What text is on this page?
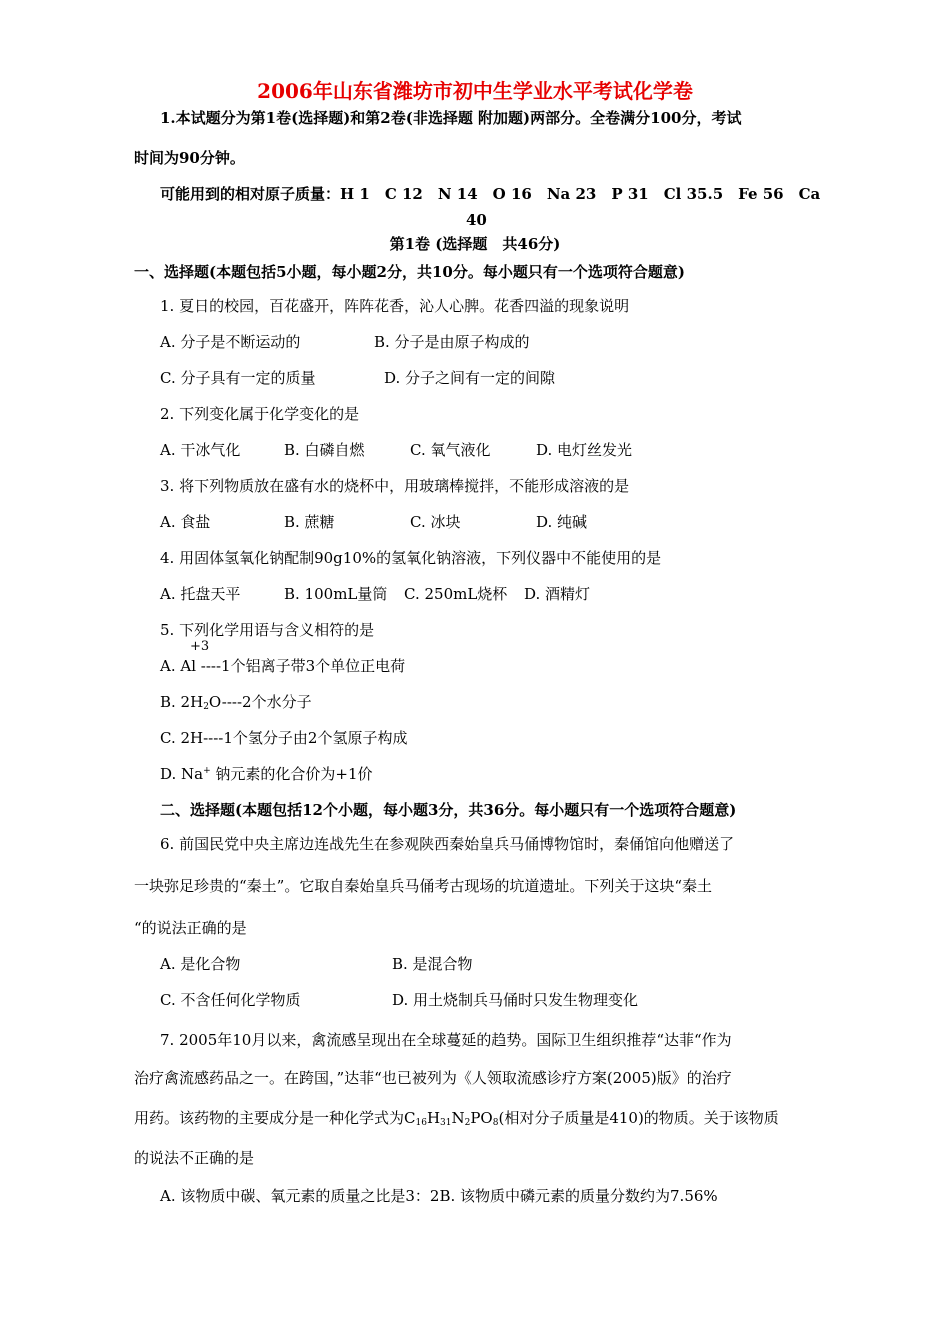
2006年山东省潍坊市初中生学业水平考试化学卷
1.本试题分为第1卷(选择题)和第2卷(非选择题 附加题)两部分。全卷满分100分，考试
时间为90分钟。
可能用到的相对原子质量：H 1　C 12　N 14　O 16　Na 23　P 31　Cl 35.5　Fe 56　Ca
40
第1卷 (选择题　共46分)
一、选择题(本题包括5小题，每小题2分，共10分。每小题只有一个选项符合题意)
1. 夏日的校园，百花盛开，阵阵花香，沁人心脾。花香四溢的现象说明
A. 分子是不断运动的	B. 分子是由原子构成的
C. 分子具有一定的质量	D. 分子之间有一定的间隙
2. 下列变化属于化学变化的是
A. 干冰气化	B. 白磷自燃	C. 氧气液化	D. 电灯丝发光
3. 将下列物质放在盛有水的烧杯中，用玻璃棒搅拌，不能形成溶液的是
A. 食盐	B. 蔗糖	C. 冰块	D. 纯碱
4. 用固体氢氧化钠配制90g10%的氢氧化钠溶液，下列仪器中不能使用的是
A. 托盘天平	B. 100mL量筒 C. 250mL烧杯 D. 酒精灯
5. 下列化学用语与含义相符的是
+3
A. Al ----1个铝离子带3个单位正电荷
B. $2H_2O----2$个水分子
C. 2H----1个氢分子由2个氢原子构成
D. Na+ 钠元素的化合价为+1价
二、选择题(本题包括12个小题，每小题3分，共36分。每小题只有一个选项符合题意)
6. 前国民党中央主席边连战先生在参观陕西秦始皇兵马俑博物馆时，秦俑馆向他赠送了
一块弥足珍贵的“秦土”。它取自秦始皇兵马俑考古现场的坑道遗址。下列关于这块“秦土
“的说法正确的是
A. 是化合物	B. 是混合物
C. 不含任何化学物质	D. 用土烧制兵马俑时只发生物理变化
7. 2005年10月以来，禽流感呈现出在全球蔓延的趋势。国际卫生组织推荐“达菲“作为
治疗禽流感药品之一。在跨国，”达菲“也已被列为《人领取流感诊疗方案(2005)版》的治疗
用药。该药物的主要成分是一种化学式为$C_{16}H_{31}N_2PO_8$(相对分子质量是410)的物质。关于该物质
的说法不正确的是
A. 该物质中碳、氧元素的质量之比是3：2B. 该物质中磷元素的质量分数约为7.56%
